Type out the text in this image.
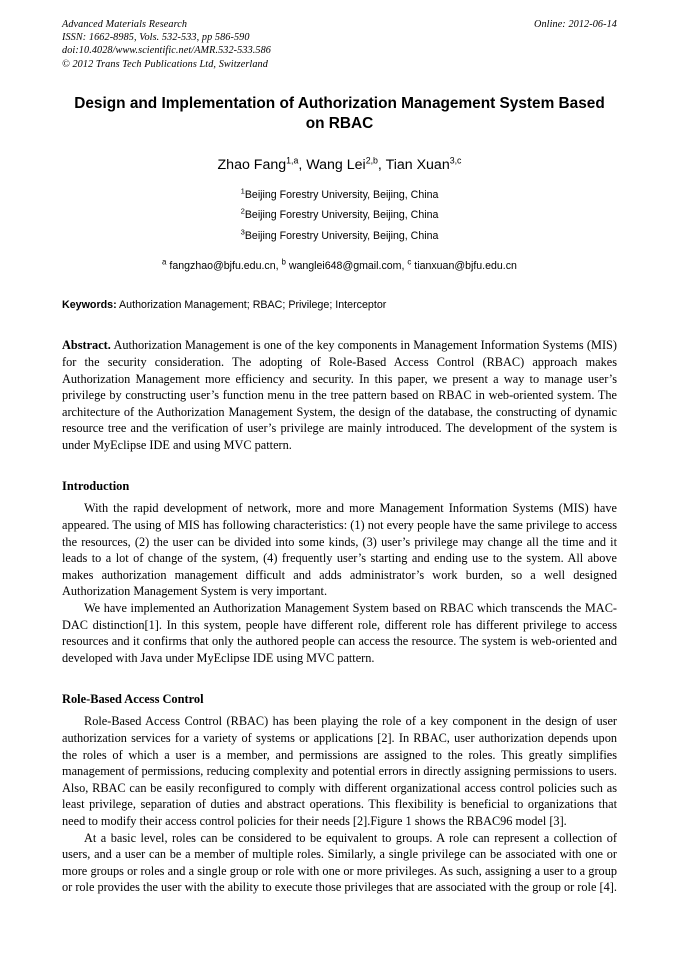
Advanced Materials Research
ISSN: 1662-8985, Vols. 532-533, pp 586-590
doi:10.4028/www.scientific.net/AMR.532-533.586
© 2012 Trans Tech Publications Ltd, Switzerland
Online: 2012-06-14
Design and Implementation of Authorization Management System Based on RBAC
Zhao Fang$^{1,a}$, Wang Lei$^{2,b}$, Tian Xuan$^{3,c}$
$^1$Beijing Forestry University, Beijing, China
$^2$Beijing Forestry University, Beijing, China
$^3$Beijing Forestry University, Beijing, China
$^a$ fangzhao@bjfu.edu.cn, $^b$ wanglei648@gmail.com, $^c$ tianxuan@bjfu.edu.cn
Keywords: Authorization Management; RBAC; Privilege; Interceptor
Abstract. Authorization Management is one of the key components in Management Information Systems (MIS) for the security consideration. The adopting of Role-Based Access Control (RBAC) approach makes Authorization Management more efficiency and security. In this paper, we present a way to manage user’s privilege by constructing user’s function menu in the tree pattern based on RBAC in web-oriented system. The architecture of the Authorization Management System, the design of the database, the constructing of dynamic resource tree and the verification of user’s privilege are mainly introduced. The development of the system is under MyEclipse IDE and using MVC pattern.
Introduction

With the rapid development of network, more and more Management Information Systems (MIS) have appeared. The using of MIS has following characteristics: (1) not every people have the same privilege to access the resources, (2) the user can be divided into some kinds, (3) user’s privilege may change all the time and it leads to a lot of change of the system, (4) frequently user’s starting and ending use to the system. All above makes authorization management difficult and adds administrator’s work burden, so a well designed Authorization Management System is very important.

We have implemented an Authorization Management System based on RBAC which transcends the MAC-DAC distinction[1]. In this system, people have different role, different role has different privilege to access resources and it confirms that only the authored people can access the resource. The system is web-oriented and developed with Java under MyEclipse IDE using MVC pattern.

Role-Based Access Control

Role-Based Access Control (RBAC) has been playing the role of a key component in the design of user authorization services for a variety of systems or applications [2]. In RBAC, user authorization depends upon the roles of which a user is a member, and permissions are assigned to the roles. This greatly simplifies management of permissions, reducing complexity and potential errors in directly assigning permissions to users. Also, RBAC can be easily reconfigured to comply with different organizational access control policies such as least privilege, separation of duties and abstract operations. This flexibility is beneficial to organizations that need to modify their access control policies for their needs [2].Figure 1 shows the RBAC96 model [3].

At a basic level, roles can be considered to be equivalent to groups. A role can represent a collection of users, and a user can be a member of multiple roles. Similarly, a single privilege can be associated with one or more groups or roles and a single group or role with one or more privileges. As such, assigning a user to a group or role provides the user with the ability to execute those privileges that are associated with the group or role [4].
